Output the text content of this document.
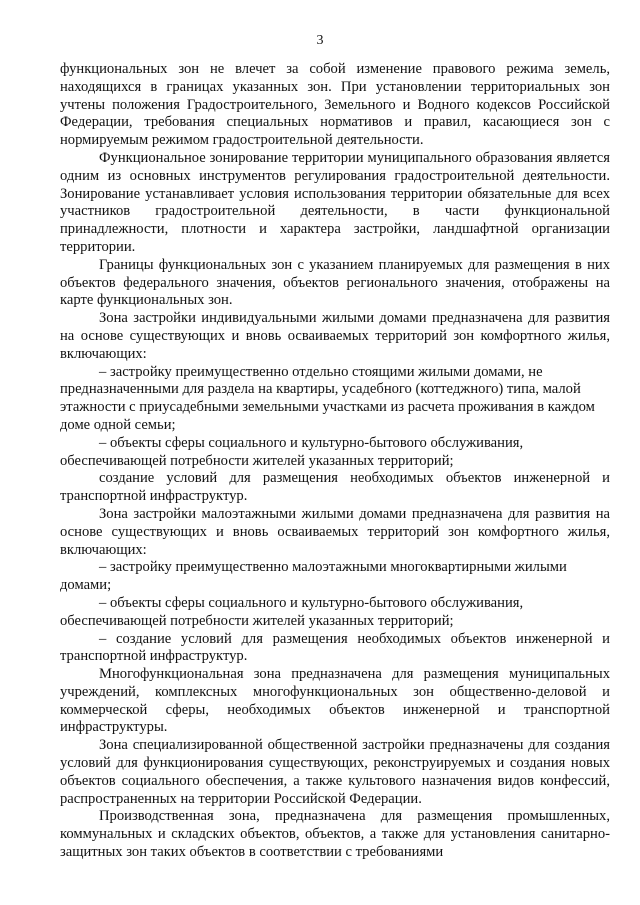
3

функциональных зон не влечет за собой изменение правового режима земель, находящихся в границах указанных зон. При установлении территориальных зон учтены положения Градостроительного, Земельного и Водного кодексов Российской Федерации, требования специальных нормативов и правил, касающиеся зон с нормируемым режимом градостроительной деятельности.

Функциональное зонирование территории муниципального образования является одним из основных инструментов регулирования градостроительной деятельности. Зонирование устанавливает условия использования территории обязательные для всех участников градостроительной деятельности, в части функциональной принадлежности, плотности и характера застройки, ландшафтной организации территории.

Границы функциональных зон с указанием планируемых для размещения в них объектов федерального значения, объектов регионального значения, отображены на карте функциональных зон.

Зона застройки индивидуальными жилыми домами предназначена для развития на основе существующих и вновь осваиваемых территорий зон комфортного жилья, включающих:

– застройку преимущественно отдельно стоящими жилыми домами, не предназначенными для раздела на квартиры, усадебного (коттеджного) типа, малой этажности с приусадебными земельными участками из расчета проживания в каждом доме одной семьи;

– объекты сферы социального и культурно-бытового обслуживания, обеспечивающей потребности жителей указанных территорий;

создание условий для размещения необходимых объектов инженерной и транспортной инфраструктур.

Зона застройки малоэтажными жилыми домами предназначена для развития на основе существующих и вновь осваиваемых территорий зон комфортного жилья, включающих:

– застройку преимущественно малоэтажными многоквартирными жилыми домами;

– объекты сферы социального и культурно-бытового обслуживания, обеспечивающей потребности жителей указанных территорий;

– создание условий для размещения необходимых объектов инженерной и транспортной инфраструктур.

Многофункциональная зона предназначена для размещения муниципальных учреждений, комплексных многофункциональных зон общественно-деловой и коммерческой сферы, необходимых объектов инженерной и транспортной инфраструктуры.

Зона специализированной общественной застройки предназначены для создания условий для функционирования существующих, реконструируемых и создания новых объектов социального обеспечения, а также культового назначения видов конфессий, распространенных на территории Российской Федерации.

Производственная зона, предназначена для размещения промышленных, коммунальных и складских объектов, объектов, а также для установления санитарно-защитных зон таких объектов в соответствии с требованиями
